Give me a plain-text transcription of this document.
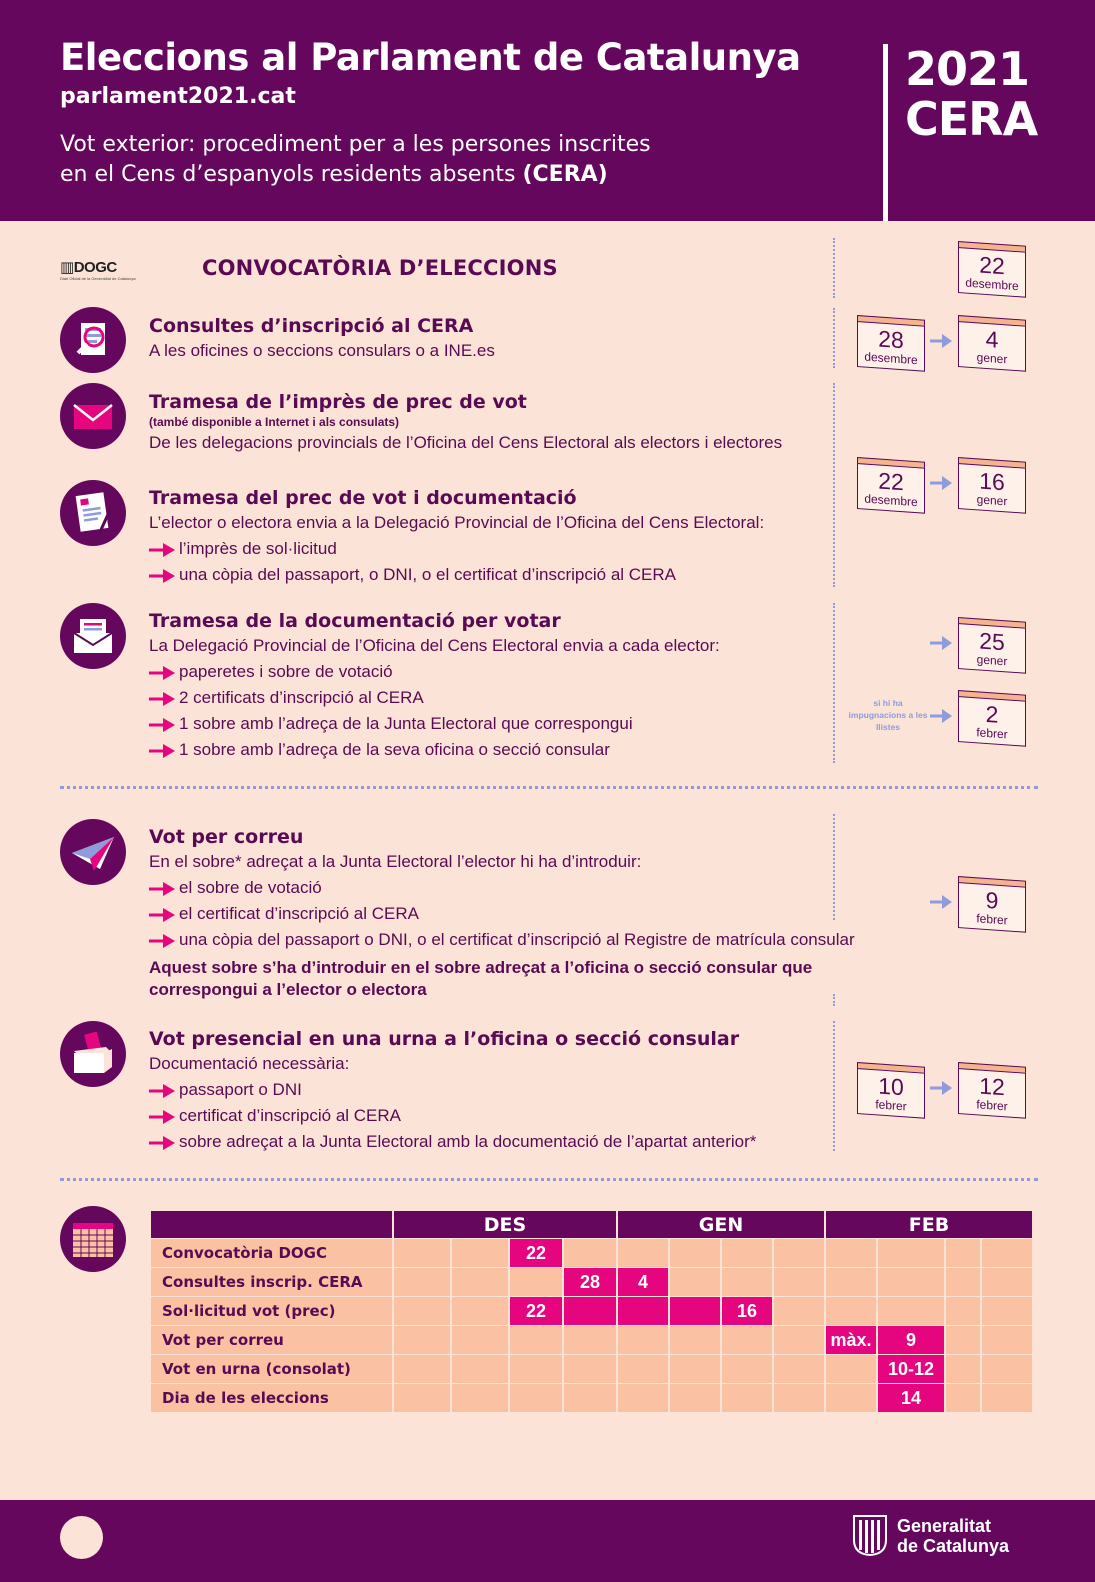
Eleccions al Parlament de Catalunya
parlament2021.cat
Vot exterior: procediment per a les persones inscrites
en el Cens d’espanyols residents absents (CERA)
2021
CERA
▥DOGC
Diari Oficial de la Generalitat de Catalunya	CONVOCATÒRIA D’ELECCIONS	22
desembre
Consultes d’inscripció al CERA
A les oficines o seccions consulars o a INE.es	28
desembre
4
gener
Tramesa de l’imprès de prec de vot
(també disponible a Internet i als consulats)
De les delegacions provincials de l’Oficina del Cens Electoral als electors i electores
Tramesa del prec de vot i documentació
L’elector o electora envia a la Delegació Provincial de l’Oficina del Cens Electoral:
l’imprès de sol·licitud
una còpia del passaport, o DNI, o el certificat d’inscripció al CERA
22
desembre
16
gener
Tramesa de la documentació per votar
La Delegació Provincial de l’Oficina del Cens Electoral envia a cada elector:
paperetes i sobre de votació
2 certificats d’inscripció al CERA
1 sobre amb l’adreça de la Junta Electoral que correspongui
1 sobre amb l’adreça de la seva oficina o secció consular
25
gener
si hi ha impugnacions a les llistes	2
febrer
Vot per correu
En el sobre* adreçat a la Junta Electoral l’elector hi ha d’introduir:
el sobre de votació
el certificat d’inscripció al CERA
una còpia del passaport o DNI, o el certificat d’inscripció al Registre de matrícula consular
Aquest sobre s’ha d’introduir en el sobre adreçat a l’oficina o secció consular que
correspongui a l’elector o electora
9
febrer
Vot presencial en una urna a l’oficina o secció consular
Documentació necessària:
passaport o DNI
certificat d’inscripció al CERA
sobre adreçat a la Junta Electoral amb la documentació de l’apartat anterior*
10
febrer
12
febrer
	DES				GEN				FEB			
Convocatòria DOGC			22									
Consultes inscrip. CERA				28	4							
Sol·licitud vot (prec)			22				16					
Vot per correu									màx.	9		
Vot en urna (consolat)										10-12		
Dia de les eleccions										14		
Generalitat
de Catalunya
